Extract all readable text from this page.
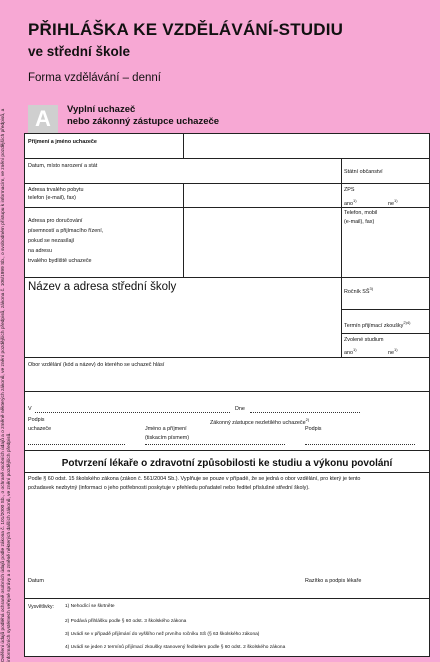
PŘIHLÁŠKA KE VZDĚLÁVÁNÍ-STUDIU
ve střední škole
Forma vzdělávání – denní
A	Vyplní uchazeč
nebo zákonný zástupce uchazeče
Ověření údajů podléhá ochraně osobních údajů podle zákona č. 101/2000 Sb., o ochraně osobních údajů a o změně některých zákonů, ve znění pozdějších předpisů, zákona č. 106/1999 Sb., o svobodném přístupu k informacím, ve znění pozdějších předpisů, a informačních systémech veřejné správy a o změně některých dalších zákonů, ve znění pozdějších předpisů.
Příjmení a jméno uchazeče
Datum, místo narození a stát
Státní občanství
Adresa trvalého pobytu
telefon (e-mail), fax)
ZPS
ano$^{1)}$
$ne^{1)}$
Adresa pro doručování
písemností a přijímacího řízení,
pokud se nezasílají
na adresu
trvalého bydliště uchazeče
Telefon, mobil
(e-mail), fax)
Název a adresa střední školy	Ročník SŠ$^{3)}$
Termín přijímací zkoušky$^{2)4)}$
Zvolené studium
ano$^{1)}$
$ne^{1)}$
Obor vzdělání (kód a název) do kterého se uchazeč hlásí
V	Dne
Podpis
uchazeče
Zákonný zástupce nezletilého uchazeče$^{2)}$
Jméno a příjmení
(tiskacím písmem)
Podpis
Potvrzení lékaře o zdravotní způsobilosti ke studiu a výkonu povolání
Podle § 60 odst. 15 školského zákona (zákon č. 561/2004 Sb.). Vyplňuje se pouze v případě, že se jedná o obor vzdělání, pro který je tento
požadavek nezbytný (informaci o jeho potřebnosti poskytuje v přehledu pořadatel nebo ředitel příslušné střední školy).
Datum	Razítko a podpis lékaře
Vysvětlivky: 1) Nehodící se škrtněte
2) Podává přihlášku podle § 60 odst. 3 školského zákona
3) Uvádí se v případě přijímání do vyššího než prvního ročníku SŠ (§ 63 školského zákona)
4) Uvádí se jeden z termínů přijímací zkoušky stanovený ředitelem podle § 60 odst. 2 školského zákona
